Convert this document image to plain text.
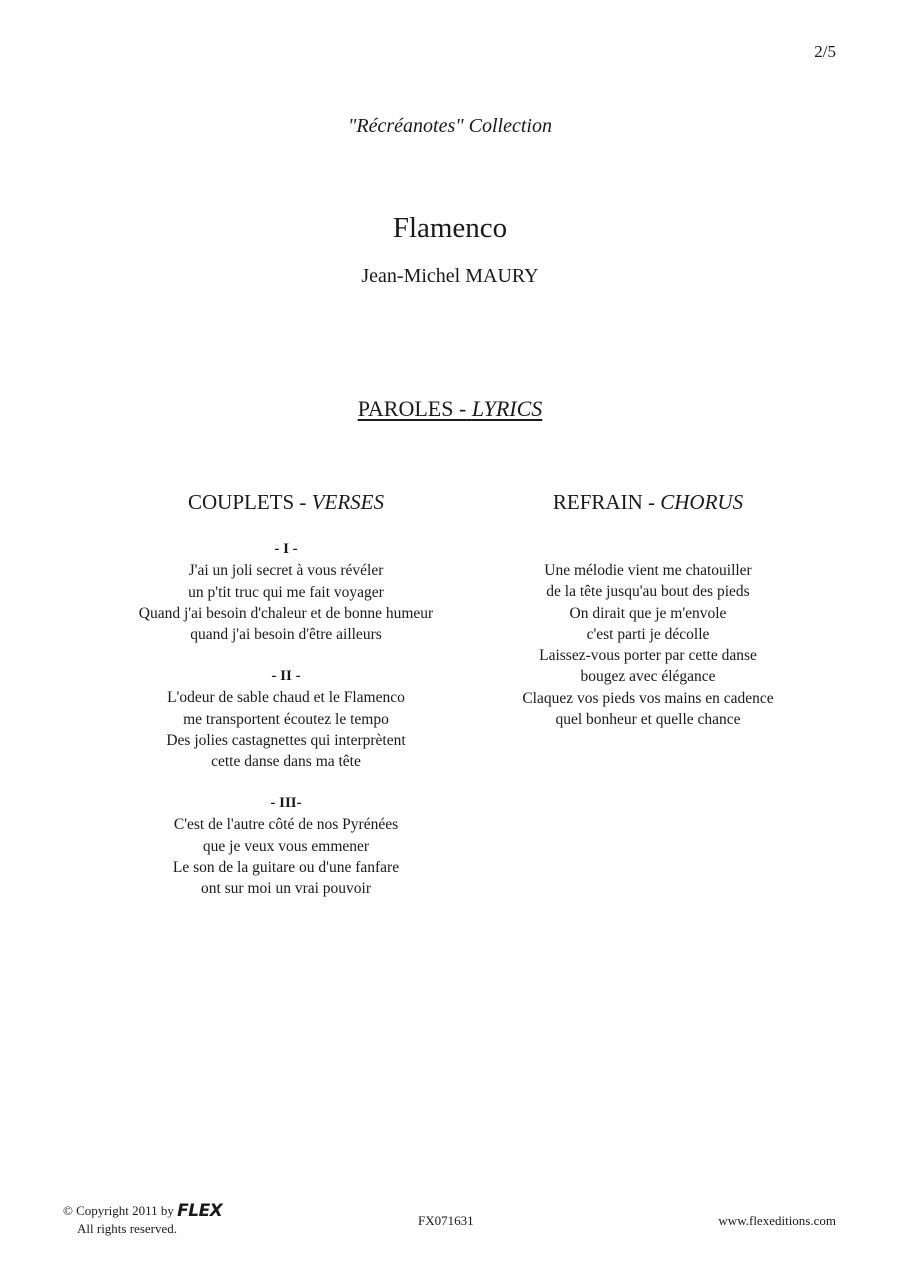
2/5
"Récréanotes" Collection
Flamenco
Jean-Michel MAURY
PAROLES - LYRICS
COUPLETS - VERSES	REFRAIN - CHORUS
- I -
J'ai un joli secret à vous révéler
un p'tit truc qui me fait voyager
Quand j'ai besoin d'chaleur et de bonne humeur
quand j'ai besoin d'être ailleurs
- II -
L'odeur de sable chaud et le Flamenco
me transportent écoutez le tempo
Des jolies castagnettes qui interprètent
cette danse dans ma tête
- III-
C'est de l'autre côté de nos Pyrénées
que je veux vous emmener
Le son de la guitare ou d'une fanfare
ont sur moi un vrai pouvoir
Une mélodie vient me chatouiller
de la tête jusqu'au bout des pieds
On dirait que je m'envole
c'est parti je décolle
Laissez-vous porter par cette danse
bougez avec élégance
Claquez vos pieds vos mains en cadence
quel bonheur et quelle chance
© Copyright 2011 by FLEX
All rights reserved.
FX071631	www.flexeditions.com
